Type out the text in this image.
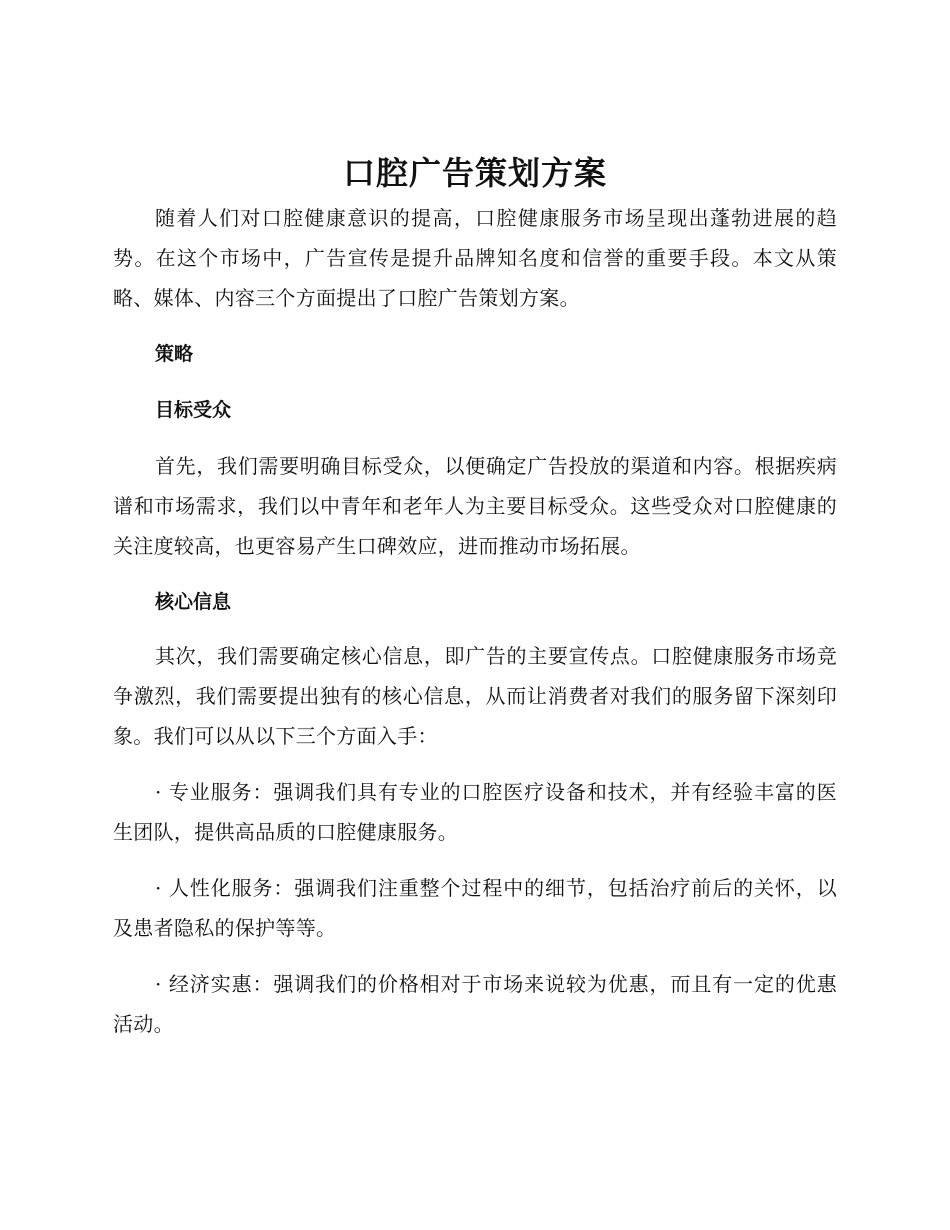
口腔广告策划方案

随着人们对口腔健康意识的提高，口腔健康服务市场呈现出蓬勃进展的趋势。在这个市场中，广告宣传是提升品牌知名度和信誉的重要手段。本文从策略、媒体、内容三个方面提出了口腔广告策划方案。

策略

目标受众

首先，我们需要明确目标受众，以便确定广告投放的渠道和内容。根据疾病谱和市场需求，我们以中青年和老年人为主要目标受众。这些受众对口腔健康的关注度较高，也更容易产生口碑效应，进而推动市场拓展。

核心信息

其次，我们需要确定核心信息，即广告的主要宣传点。口腔健康服务市场竞争激烈，我们需要提出独有的核心信息，从而让消费者对我们的服务留下深刻印象。我们可以从以下三个方面入手：

· 专业服务：强调我们具有专业的口腔医疗设备和技术，并有经验丰富的医生团队，提供高品质的口腔健康服务。

· 人性化服务：强调我们注重整个过程中的细节，包括治疗前后的关怀，以及患者隐私的保护等等。

· 经济实惠：强调我们的价格相对于市场来说较为优惠，而且有一定的优惠活动。
